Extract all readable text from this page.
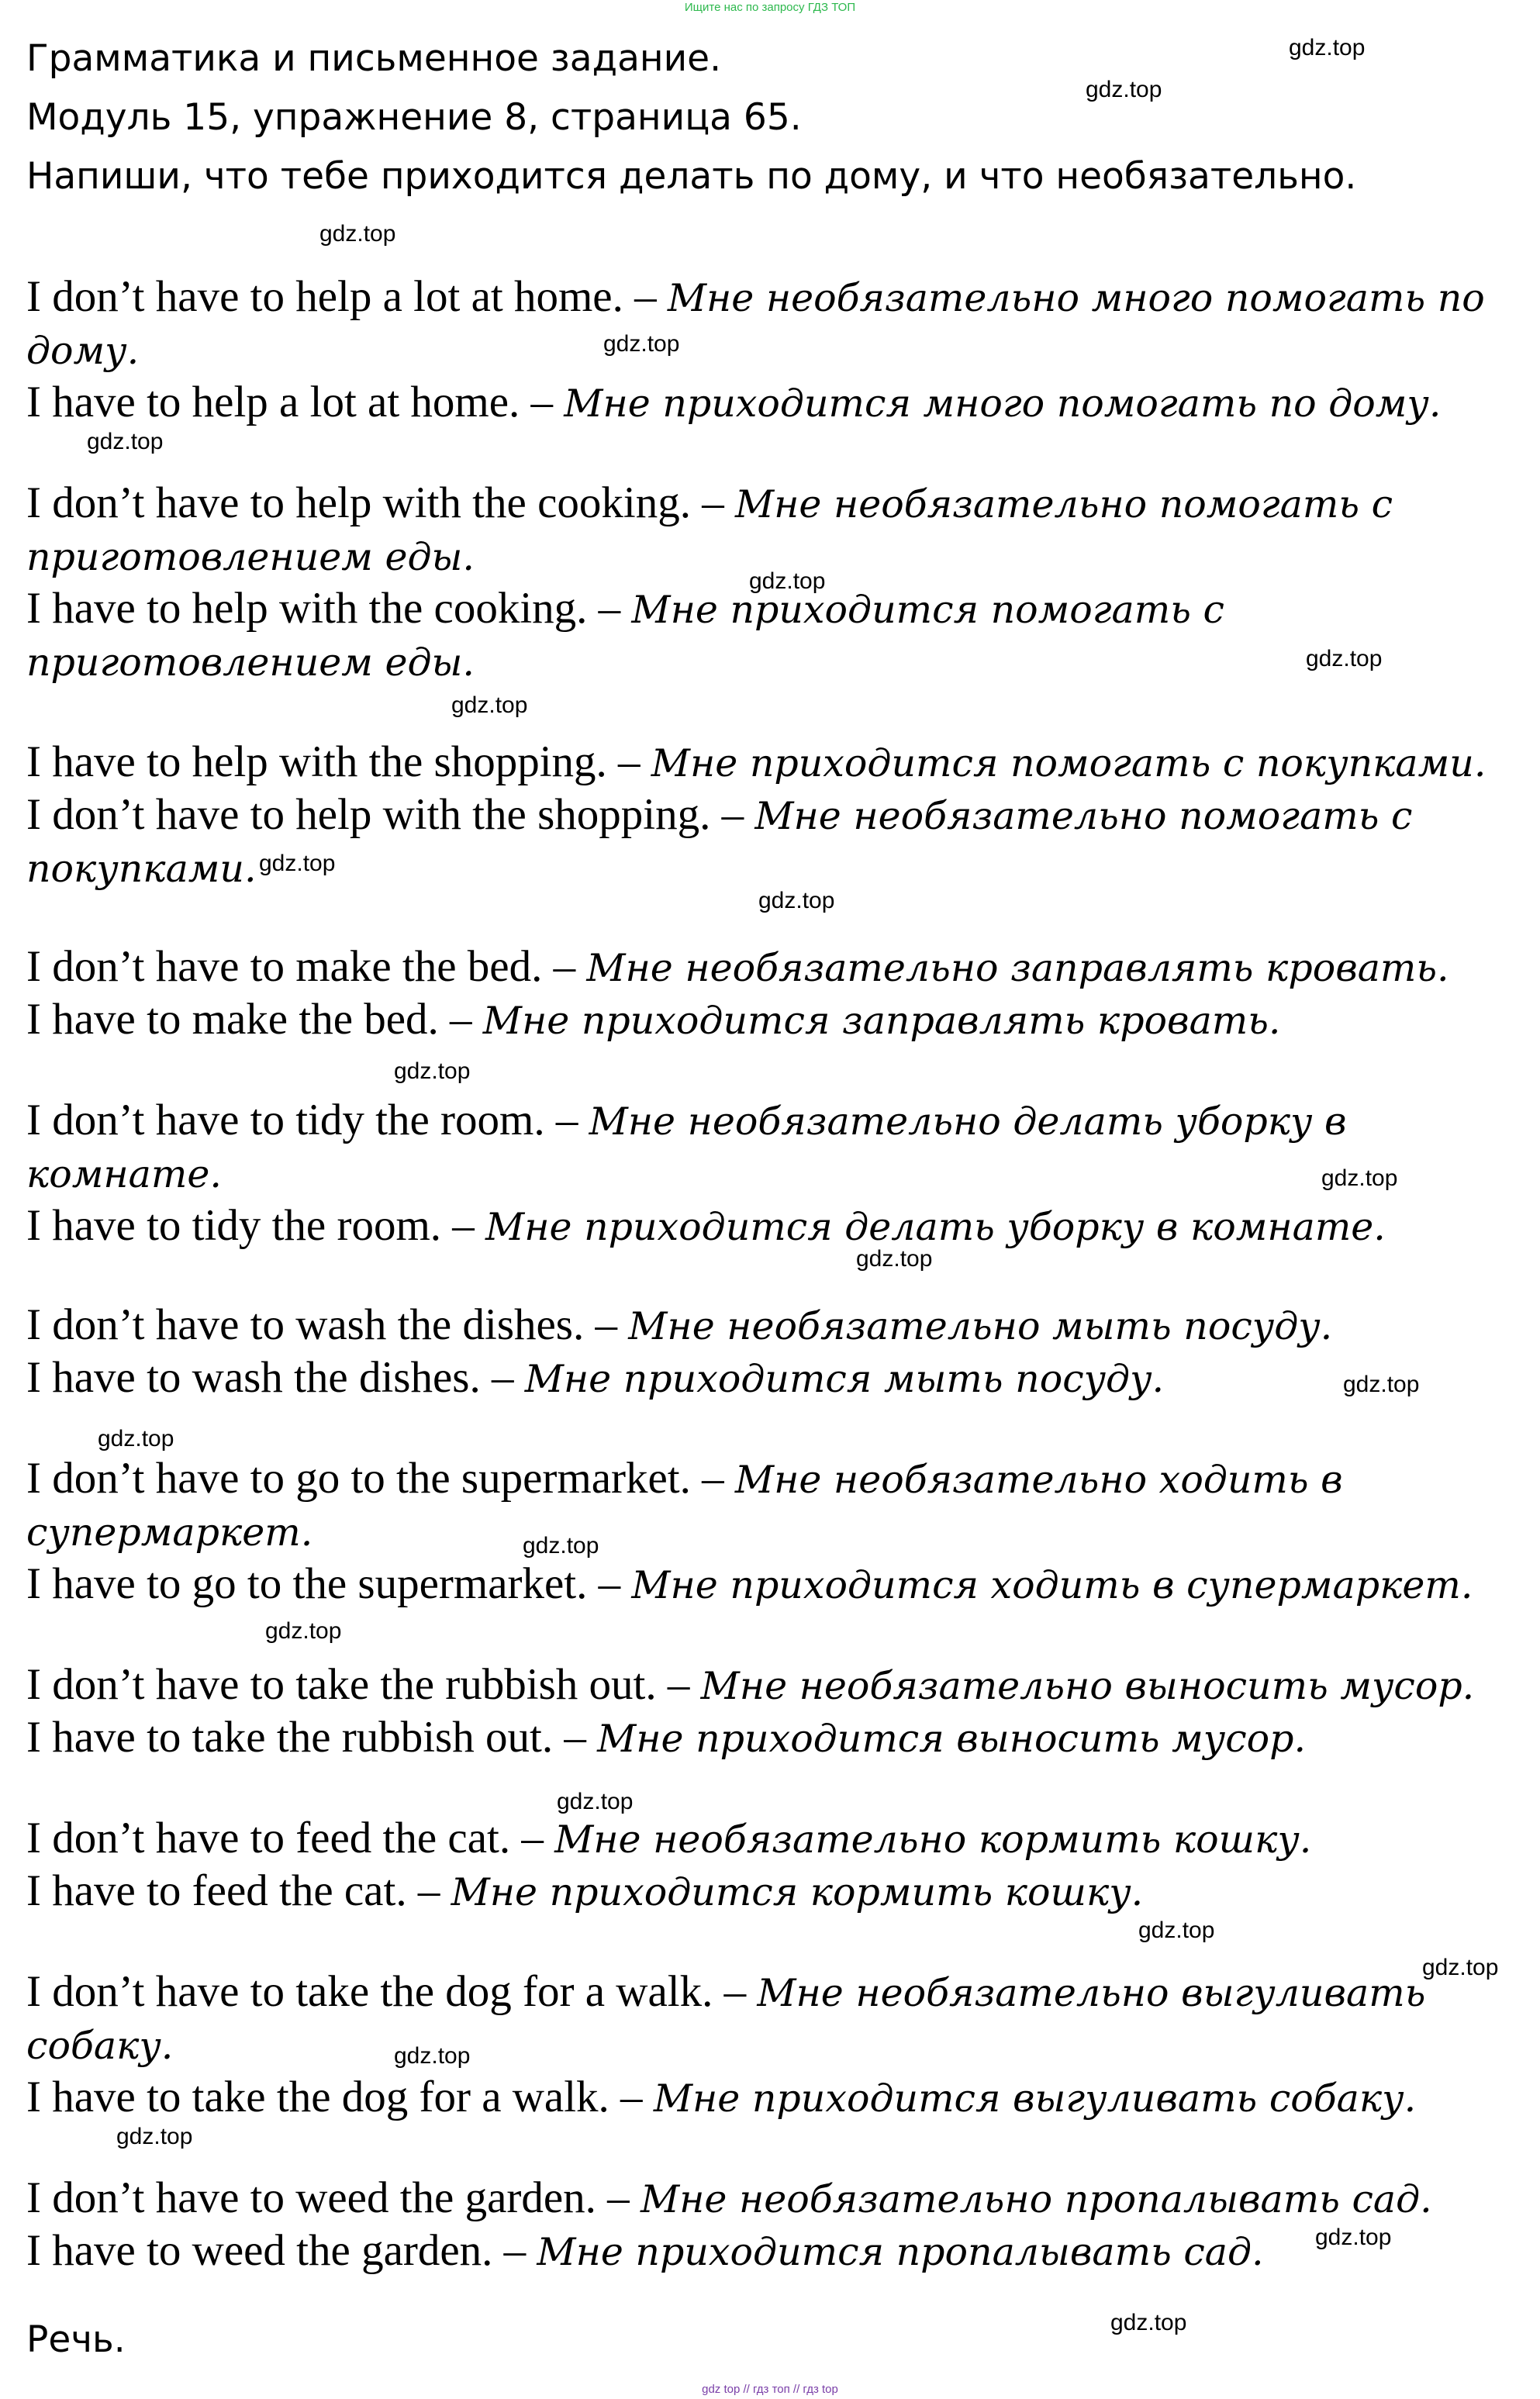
Ищите нас по запросу ГДЗ ТОП
Грамматика и письменное задание.
Модуль 15, упражнение 8, страница 65.
Напиши, что тебе приходится делать по дому, и что необязательно.

I don’t have to help a lot at home. – Мне необязательно много помогать по дому.

I have to help a lot at home. – Мне приходится много помогать по дому.

I don’t have to help with the cooking. – Мне необязательно помогать с приготовлением еды.

I have to help with the cooking. – Мне приходится помогать с приготовлением еды.

I have to help with the shopping. – Мне приходится помогать с покупками.

I don’t have to help with the shopping. – Мне необязательно помогать с покупками.

I don’t have to make the bed. – Мне необязательно заправлять кровать.

I have to make the bed. – Мне приходится заправлять кровать.

I don’t have to tidy the room. – Мне необязательно делать уборку в комнате.

I have to tidy the room. – Мне приходится делать уборку в комнате.

I don’t have to wash the dishes. – Мне необязательно мыть посуду.

I have to wash the dishes. – Мне приходится мыть посуду.

I don’t have to go to the supermarket. – Мне необязательно ходить в супермаркет.

I have to go to the supermarket. – Мне приходится ходить в супермаркет.

I don’t have to take the rubbish out. – Мне необязательно выносить мусор.

I have to take the rubbish out. – Мне приходится выносить мусор.

I don’t have to feed the cat. – Мне необязательно кормить кошку.

I have to feed the cat. – Мне приходится кормить кошку.

I don’t have to take the dog for a walk. – Мне необязательно выгуливать собаку.

I have to take the dog for a walk. – Мне приходится выгуливать собаку.

I don’t have to weed the garden. – Мне необязательно пропалывать сад.

I have to weed the garden. – Мне приходится пропалывать сад.

gdz.top
gdz.top
gdz.top
gdz.top
gdz.top
gdz.top
gdz.top
gdz.top
gdz.top
gdz.top
gdz.top
gdz.top
gdz.top
gdz.top
gdz.top
gdz.top
gdz.top
gdz.top
gdz.top
gdz.top
gdz.top
gdz.top
gdz.top
gdz.top
Речь.
gdz top // гдз топ // гдз top
